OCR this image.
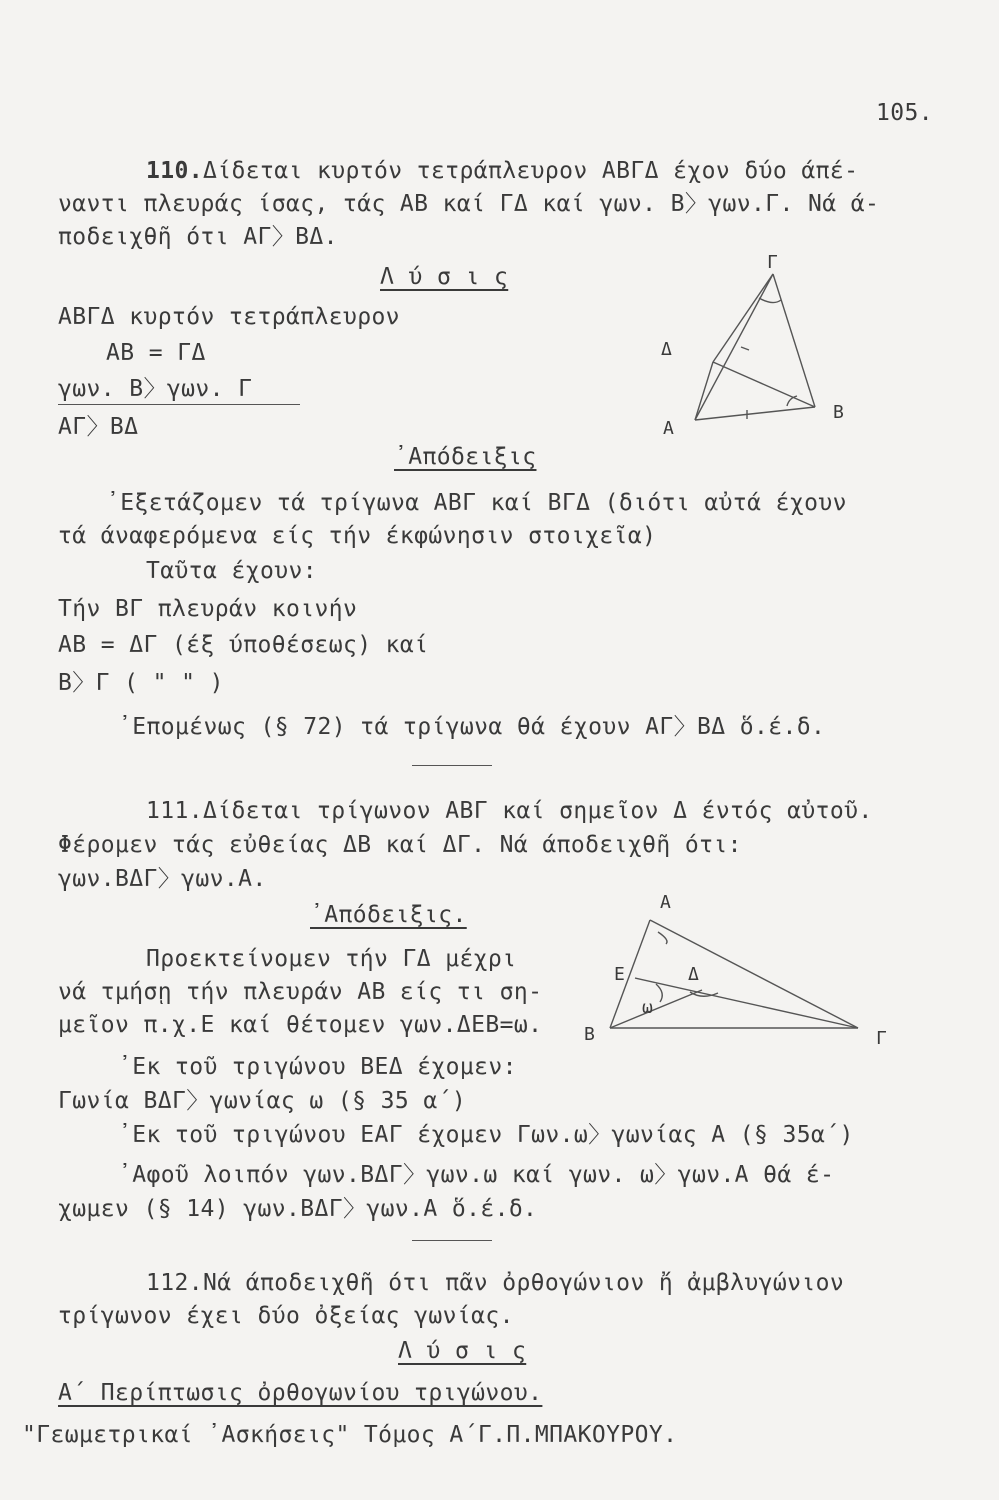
105.
110. Δίδεται κυρτόν τετράπλευρον ΑΒΓΔ έχον δύο άπέ-
ναντι πλευράς ίσας, τάς ΑΒ καί ΓΔ καί γων. Β〉γων.Γ. Νά ά-
ποδειχθῆ ότι ΑΓ〉ΒΔ.
Λ ύ σ ι ς
ΑΒΓΔ κυρτόν τετράπλευρον
ΑΒ = ΓΔ
γων. Β〉γων. Γ
ΑΓ〉ΒΔ
Γ
Δ
Α
Β
᾿Απόδειξις
᾿Εξετάζομεν τά τρίγωνα ΑΒΓ καί ΒΓΔ (διότι αὐτά έχουν
τά άναφερόμενα είς τήν έκφώνησιν στοιχεῖα)
Ταῦτα έχουν:
Τήν ΒΓ πλευράν κοινήν
ΑΒ = ΔΓ (έξ ύποθέσεως) καί
Β〉Γ ( " " )
᾿Επομένως (§ 72) τά τρίγωνα θά έχουν ΑΓ〉ΒΔ ὅ.έ.δ.
111. Δίδεται τρίγωνον ΑΒΓ καί σημεῖον Δ έντός αὐτοῦ.
Φέρομεν τάς εὐθείας ΔΒ καί ΔΓ. Νά άποδειχθῆ ότι:
γων.ΒΔΓ〉γων.Α.
᾿Απόδειξις.	Α
Ε	Δ
ω
Β	Γ
Προεκτείνομεν τήν ΓΔ μέχρι
νά τμήσῃ τήν πλευράν ΑΒ είς τι ση-
μεῖον π.χ.Ε καί θέτομεν γων.ΔΕΒ=ω.
᾿Εκ τοῦ τριγώνου ΒΕΔ έχομεν:
Γωνία ΒΔΓ〉γωνίας ω (§ 35 α΄)
᾿Εκ τοῦ τριγώνου ΕΑΓ έχομεν Γων.ω〉γωνίας Α (§ 35α΄)
᾿Αφοῦ λοιπόν γων.ΒΔΓ〉γων.ω καί γων. ω〉γων.Α θά έ-
χωμεν (§ 14) γων.ΒΔΓ〉γων.Α ὅ.έ.δ.
112. Νά άποδειχθῆ ότι πᾶν ὀρθογώνιον ἤ ἀμβλυγώνιον
τρίγωνον έχει δύο ὀξείας γωνίας.
Λ ύ σ ι ς
Α΄ Περίπτωσις ὀρθογωνίου τριγώνου.
"Γεωμετρικαί ᾿Ασκήσεις" Τόμος Α΄Γ.Π.ΜΠΑΚΟΥΡΟΥ.
